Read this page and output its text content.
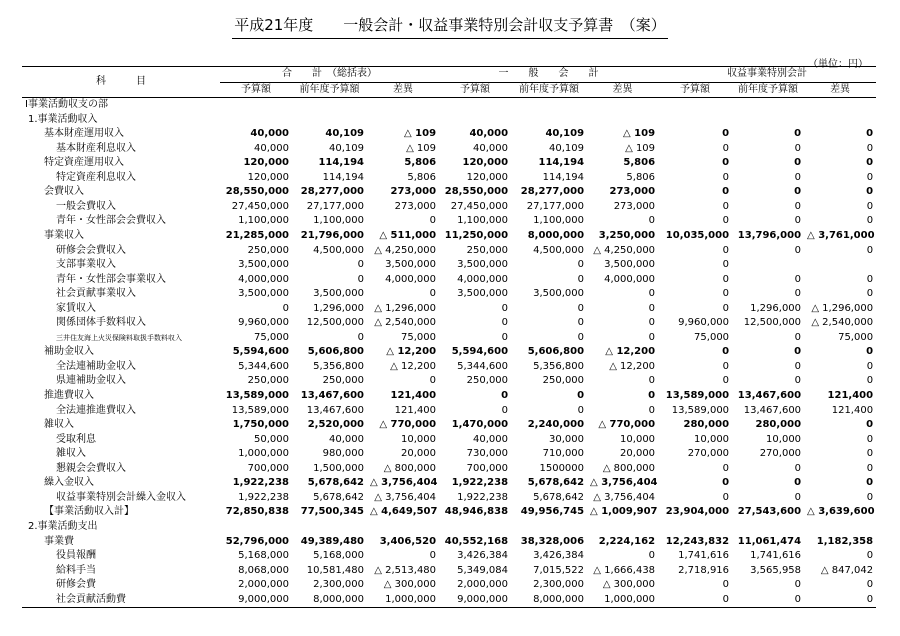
平成21年度　　一般会計・収益事業特別会計収支予算書　（案）
（単位：円）
科　　　目	合　　計　（総括表）			一　　般　　会　　計			収益事業特別会計		
	予算額	前年度予算額	差異	予算額	前年度予算額	差異	予算額	前年度予算額	差異
Ⅰ事業活動収支の部									
1.事業活動収入									
基本財産運用収入	40,000	40,109	△ 109	40,000	40,109	△ 109	0	0	0
基本財産利息収入	40,000	40,109	△ 109	40,000	40,109	△ 109	0	0	0
特定資産運用収入	120,000	114,194	5,806	120,000	114,194	5,806	0	0	0
特定資産利息収入	120,000	114,194	5,806	120,000	114,194	5,806	0	0	0
会費収入	28,550,000	28,277,000	273,000	28,550,000	28,277,000	273,000	0	0	0
一般会費収入	27,450,000	27,177,000	273,000	27,450,000	27,177,000	273,000	0	0	0
青年・女性部会会費収入	1,100,000	1,100,000	0	1,100,000	1,100,000	0	0	0	0
事業収入	21,285,000	21,796,000	△ 511,000	11,250,000	8,000,000	3,250,000	10,035,000	13,796,000	△ 3,761,000
研修会会費収入	250,000	4,500,000	△ 4,250,000	250,000	4,500,000	△ 4,250,000	0	0	0
支部事業収入	3,500,000	0	3,500,000	3,500,000	0	3,500,000	0		
青年・女性部会事業収入	4,000,000	0	4,000,000	4,000,000	0	4,000,000	0	0	0
社会貢献事業収入	3,500,000	3,500,000	0	3,500,000	3,500,000	0	0	0	0
家賃収入	0	1,296,000	△ 1,296,000	0	0	0	0	1,296,000	△ 1,296,000
関係団体手数料収入	9,960,000	12,500,000	△ 2,540,000	0	0	0	9,960,000	12,500,000	△ 2,540,000
三井住友海上火災保険料取扱手数料収入	75,000	0	75,000	0	0	0	75,000	0	75,000
補助金収入	5,594,600	5,606,800	△ 12,200	5,594,600	5,606,800	△ 12,200	0	0	0
全法連補助金収入	5,344,600	5,356,800	△ 12,200	5,344,600	5,356,800	△ 12,200	0	0	0
県連補助金収入	250,000	250,000	0	250,000	250,000	0	0	0	0
推進費収入	13,589,000	13,467,600	121,400	0	0	0	13,589,000	13,467,600	121,400
全法連推進費収入	13,589,000	13,467,600	121,400	0	0	0	13,589,000	13,467,600	121,400
雑収入	1,750,000	2,520,000	△ 770,000	1,470,000	2,240,000	△ 770,000	280,000	280,000	0
受取利息	50,000	40,000	10,000	40,000	30,000	10,000	10,000	10,000	0
雑収入	1,000,000	980,000	20,000	730,000	710,000	20,000	270,000	270,000	0
懇親会会費収入	700,000	1,500,000	△ 800,000	700,000	1500000	△ 800,000	0	0	0
繰入金収入	1,922,238	5,678,642	△ 3,756,404	1,922,238	5,678,642	△ 3,756,404	0	0	0
収益事業特別会計繰入金収入	1,922,238	5,678,642	△ 3,756,404	1,922,238	5,678,642	△ 3,756,404	0	0	0
【事業活動収入計】	72,850,838	77,500,345	△ 4,649,507	48,946,838	49,956,745	△ 1,009,907	23,904,000	27,543,600	△ 3,639,600
2.事業活動支出									
事業費	52,796,000	49,389,480	3,406,520	40,552,168	38,328,006	2,224,162	12,243,832	11,061,474	1,182,358
役員報酬	5,168,000	5,168,000	0	3,426,384	3,426,384	0	1,741,616	1,741,616	0
給料手当	8,068,000	10,581,480	△ 2,513,480	5,349,084	7,015,522	△ 1,666,438	2,718,916	3,565,958	△ 847,042
研修会費	2,000,000	2,300,000	△ 300,000	2,000,000	2,300,000	△ 300,000	0	0	0
社会貢献活動費	9,000,000	8,000,000	1,000,000	9,000,000	8,000,000	1,000,000	0	0	0
